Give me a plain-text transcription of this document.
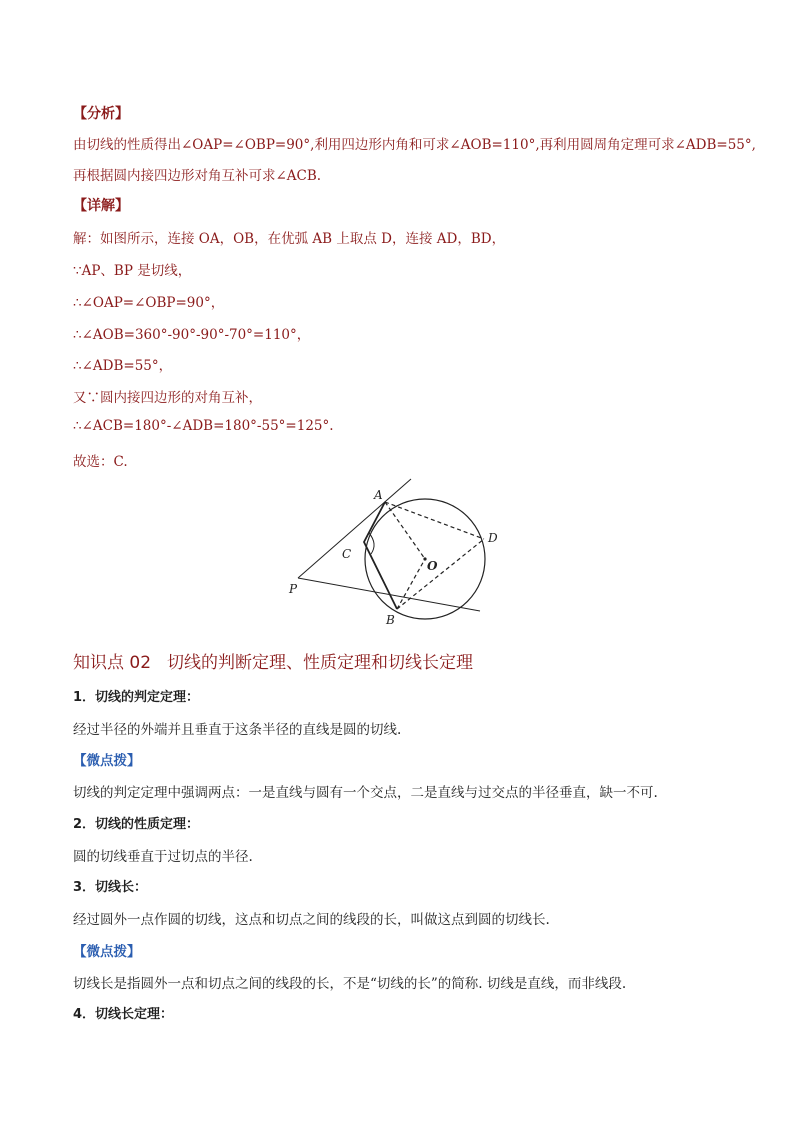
【分析】
由切线的性质得出∠OAP=∠OBP=90°,利用四边形内角和可求∠AOB=110°,再利用圆周角定理可求∠ADB=55°,
再根据圆内接四边形对角互补可求∠ACB.
【详解】
解：如图所示，连接 OA，OB，在优弧 AB 上取点 D，连接 AD，BD，
∵AP、BP 是切线，
∴∠OAP=∠OBP=90°，
∴∠AOB=360°-90°-90°-70°=110°，
∴∠ADB=55°，
又∵圆内接四边形的对角互补，
∴∠ACB=180°-∠ADB=180°-55°=125°.
故选：C.
A
B
C
D
O
P
知识点 02 切线的判断定理、性质定理和切线长定理
1．切线的判定定理：
经过半径的外端并且垂直于这条半径的直线是圆的切线.
【微点拨】
切线的判定定理中强调两点：一是直线与圆有一个交点，二是直线与过交点的半径垂直，缺一不可.
2．切线的性质定理：
圆的切线垂直于过切点的半径.
3．切线长：
经过圆外一点作圆的切线，这点和切点之间的线段的长，叫做这点到圆的切线长.
【微点拨】
切线长是指圆外一点和切点之间的线段的长，不是“切线的长”的简称. 切线是直线，而非线段.
4．切线长定理：
